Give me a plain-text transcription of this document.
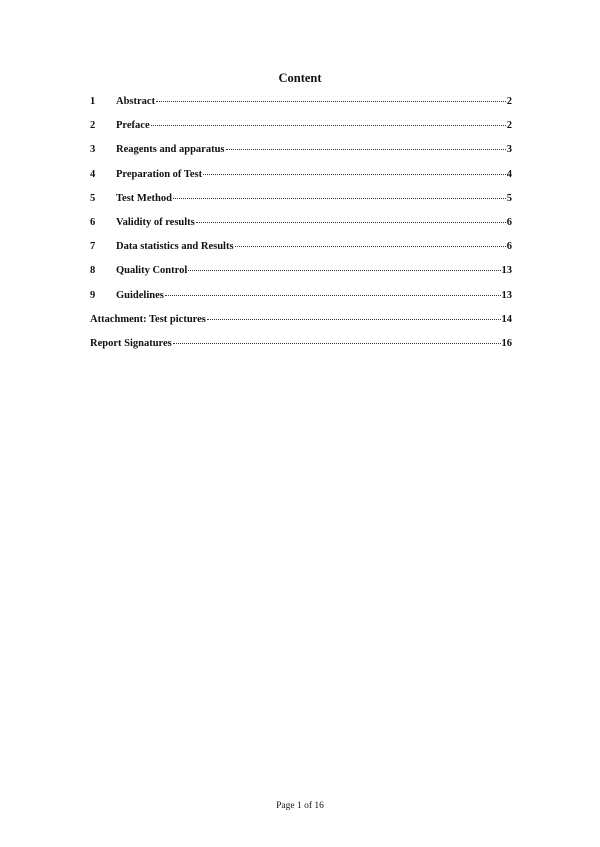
Content
1	Abstract	2
2	Preface	2
3	Reagents and apparatus	3
4	Preparation of Test	4
5	Test Method	5
6	Validity of results	6
7	Data statistics and Results	6
8	Quality Control	13
9	Guidelines	13
Attachment: Test pictures	14
Report Signatures	16
Page 1 of 16
